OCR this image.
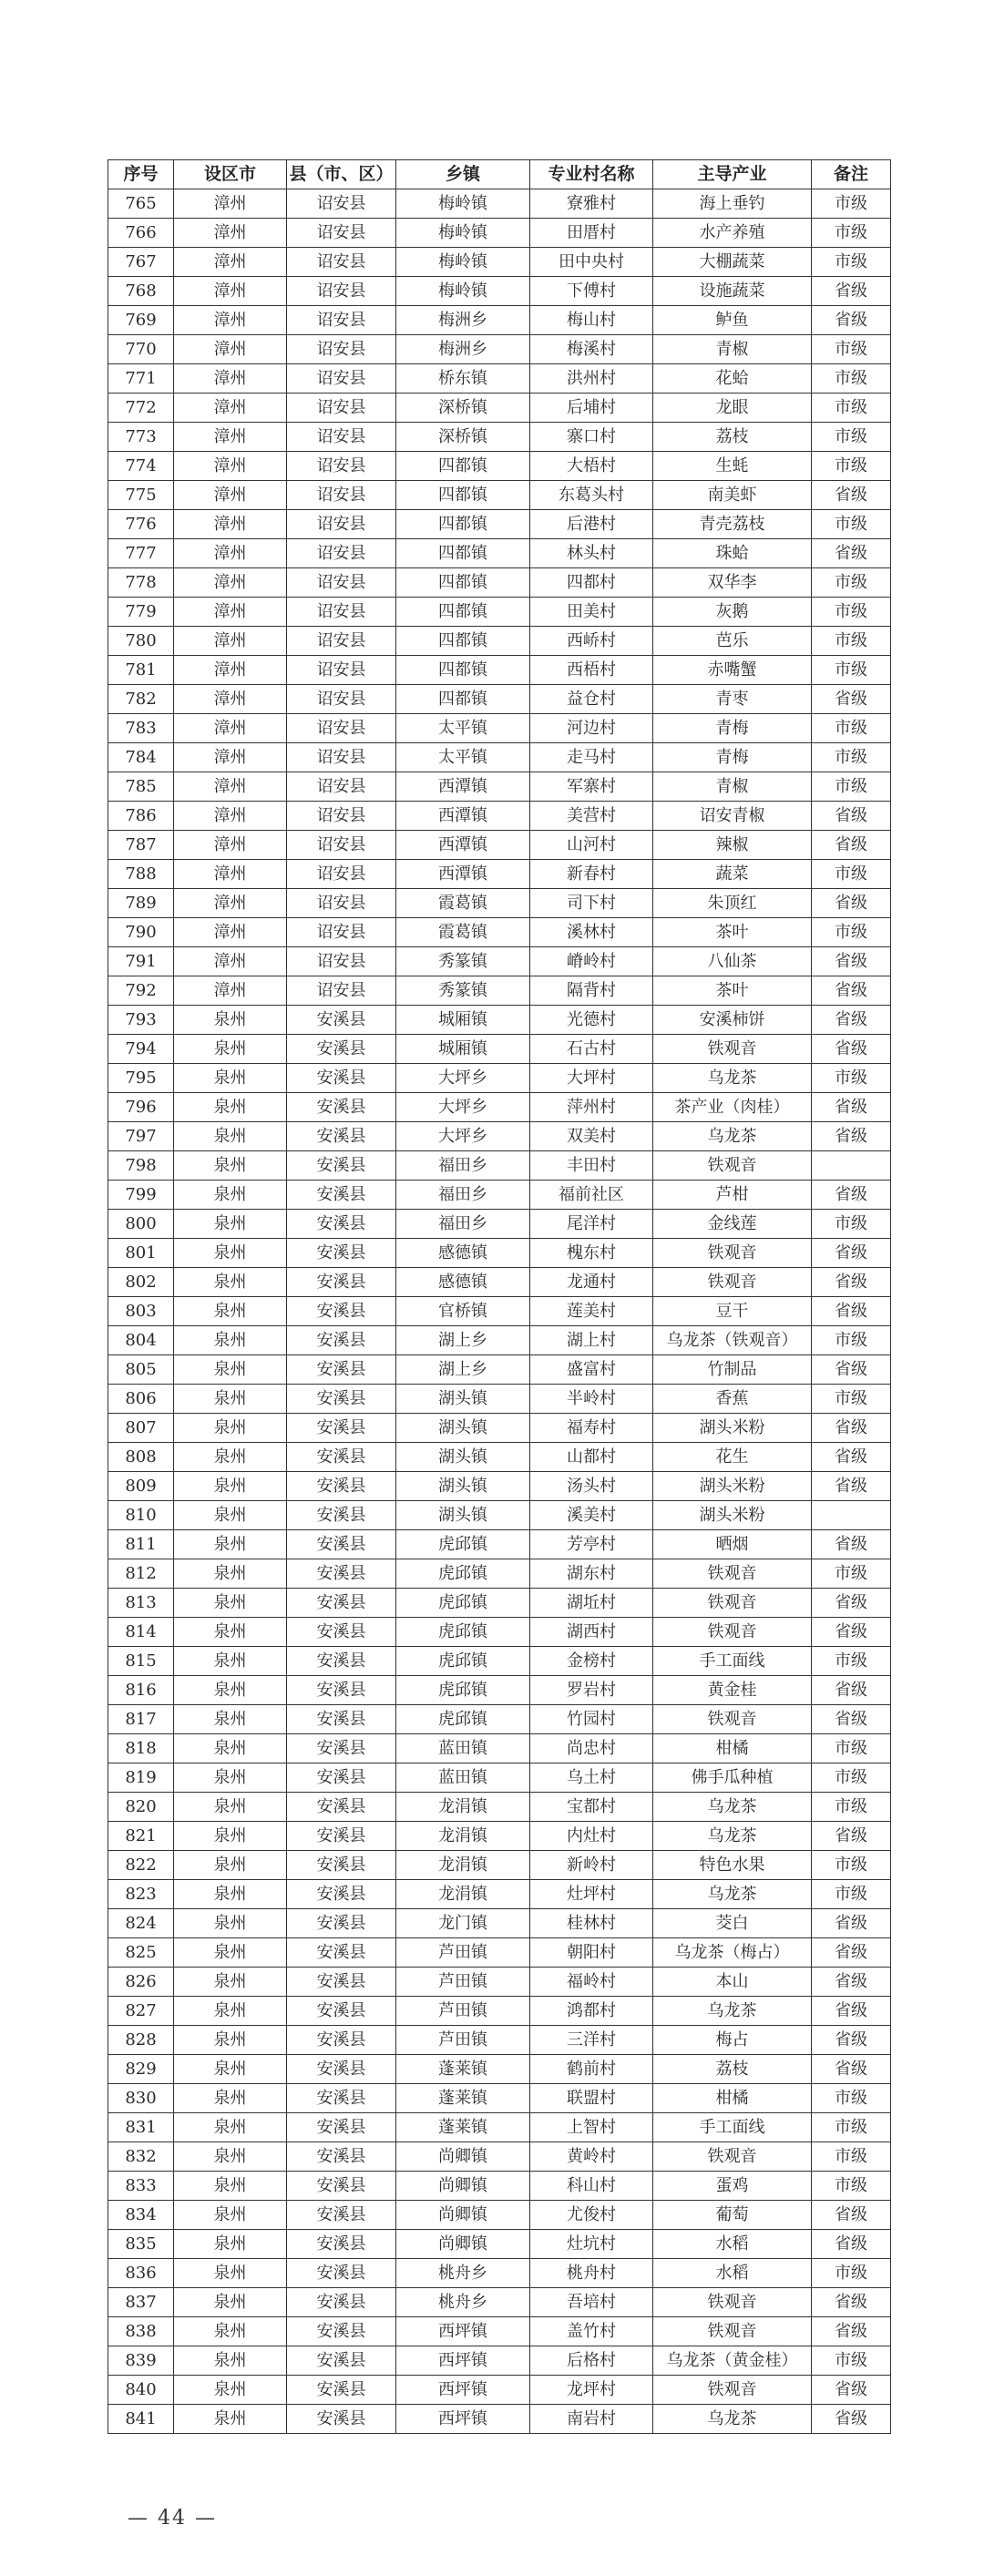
序号	设区市	县（市、区）	乡镇	专业村名称	主导产业	备注
765	漳州	诏安县	梅岭镇	寮雅村	海上垂钓	市级
766	漳州	诏安县	梅岭镇	田厝村	水产养殖	市级
767	漳州	诏安县	梅岭镇	田中央村	大棚蔬菜	市级
768	漳州	诏安县	梅岭镇	下傅村	设施蔬菜	省级
769	漳州	诏安县	梅洲乡	梅山村	鲈鱼	省级
770	漳州	诏安县	梅洲乡	梅溪村	青椒	市级
771	漳州	诏安县	桥东镇	洪州村	花蛤	市级
772	漳州	诏安县	深桥镇	后埔村	龙眼	市级
773	漳州	诏安县	深桥镇	寨口村	荔枝	市级
774	漳州	诏安县	四都镇	大梧村	生蚝	市级
775	漳州	诏安县	四都镇	东葛头村	南美虾	省级
776	漳州	诏安县	四都镇	后港村	青壳荔枝	市级
777	漳州	诏安县	四都镇	林头村	珠蛤	省级
778	漳州	诏安县	四都镇	四都村	双华李	市级
779	漳州	诏安县	四都镇	田美村	灰鹅	市级
780	漳州	诏安县	四都镇	西峤村	芭乐	市级
781	漳州	诏安县	四都镇	西梧村	赤嘴蟹	市级
782	漳州	诏安县	四都镇	益仓村	青枣	省级
783	漳州	诏安县	太平镇	河边村	青梅	市级
784	漳州	诏安县	太平镇	走马村	青梅	市级
785	漳州	诏安县	西潭镇	军寨村	青椒	市级
786	漳州	诏安县	西潭镇	美营村	诏安青椒	省级
787	漳州	诏安县	西潭镇	山河村	辣椒	省级
788	漳州	诏安县	西潭镇	新春村	蔬菜	市级
789	漳州	诏安县	霞葛镇	司下村	朱顶红	省级
790	漳州	诏安县	霞葛镇	溪林村	茶叶	市级
791	漳州	诏安县	秀篆镇	嵴岭村	八仙茶	省级
792	漳州	诏安县	秀篆镇	隔背村	茶叶	省级
793	泉州	安溪县	城厢镇	光德村	安溪柿饼	省级
794	泉州	安溪县	城厢镇	石古村	铁观音	省级
795	泉州	安溪县	大坪乡	大坪村	乌龙茶	市级
796	泉州	安溪县	大坪乡	萍州村	茶产业（肉桂）	省级
797	泉州	安溪县	大坪乡	双美村	乌龙茶	省级
798	泉州	安溪县	福田乡	丰田村	铁观音	
799	泉州	安溪县	福田乡	福前社区	芦柑	省级
800	泉州	安溪县	福田乡	尾洋村	金线莲	市级
801	泉州	安溪县	感德镇	槐东村	铁观音	省级
802	泉州	安溪县	感德镇	龙通村	铁观音	省级
803	泉州	安溪县	官桥镇	莲美村	豆干	省级
804	泉州	安溪县	湖上乡	湖上村	乌龙茶（铁观音）	市级
805	泉州	安溪县	湖上乡	盛富村	竹制品	省级
806	泉州	安溪县	湖头镇	半岭村	香蕉	市级
807	泉州	安溪县	湖头镇	福寿村	湖头米粉	省级
808	泉州	安溪县	湖头镇	山都村	花生	省级
809	泉州	安溪县	湖头镇	汤头村	湖头米粉	省级
810	泉州	安溪县	湖头镇	溪美村	湖头米粉	
811	泉州	安溪县	虎邱镇	芳亭村	晒烟	省级
812	泉州	安溪县	虎邱镇	湖东村	铁观音	市级
813	泉州	安溪县	虎邱镇	湖坵村	铁观音	省级
814	泉州	安溪县	虎邱镇	湖西村	铁观音	省级
815	泉州	安溪县	虎邱镇	金榜村	手工面线	市级
816	泉州	安溪县	虎邱镇	罗岩村	黄金桂	省级
817	泉州	安溪县	虎邱镇	竹园村	铁观音	省级
818	泉州	安溪县	蓝田镇	尚忠村	柑橘	市级
819	泉州	安溪县	蓝田镇	乌土村	佛手瓜种植	市级
820	泉州	安溪县	龙涓镇	宝都村	乌龙茶	市级
821	泉州	安溪县	龙涓镇	内灶村	乌龙茶	省级
822	泉州	安溪县	龙涓镇	新岭村	特色水果	市级
823	泉州	安溪县	龙涓镇	灶坪村	乌龙茶	市级
824	泉州	安溪县	龙门镇	桂林村	茭白	省级
825	泉州	安溪县	芦田镇	朝阳村	乌龙茶（梅占）	省级
826	泉州	安溪县	芦田镇	福岭村	本山	省级
827	泉州	安溪县	芦田镇	鸿都村	乌龙茶	省级
828	泉州	安溪县	芦田镇	三洋村	梅占	省级
829	泉州	安溪县	蓬莱镇	鹤前村	荔枝	省级
830	泉州	安溪县	蓬莱镇	联盟村	柑橘	市级
831	泉州	安溪县	蓬莱镇	上智村	手工面线	市级
832	泉州	安溪县	尚卿镇	黄岭村	铁观音	市级
833	泉州	安溪县	尚卿镇	科山村	蛋鸡	市级
834	泉州	安溪县	尚卿镇	尤俊村	葡萄	省级
835	泉州	安溪县	尚卿镇	灶坑村	水稻	省级
836	泉州	安溪县	桃舟乡	桃舟村	水稻	市级
837	泉州	安溪县	桃舟乡	吾培村	铁观音	省级
838	泉州	安溪县	西坪镇	盖竹村	铁观音	省级
839	泉州	安溪县	西坪镇	后格村	乌龙茶（黄金桂）	市级
840	泉州	安溪县	西坪镇	龙坪村	铁观音	省级
841	泉州	安溪县	西坪镇	南岩村	乌龙茶	省级
— 44 —
